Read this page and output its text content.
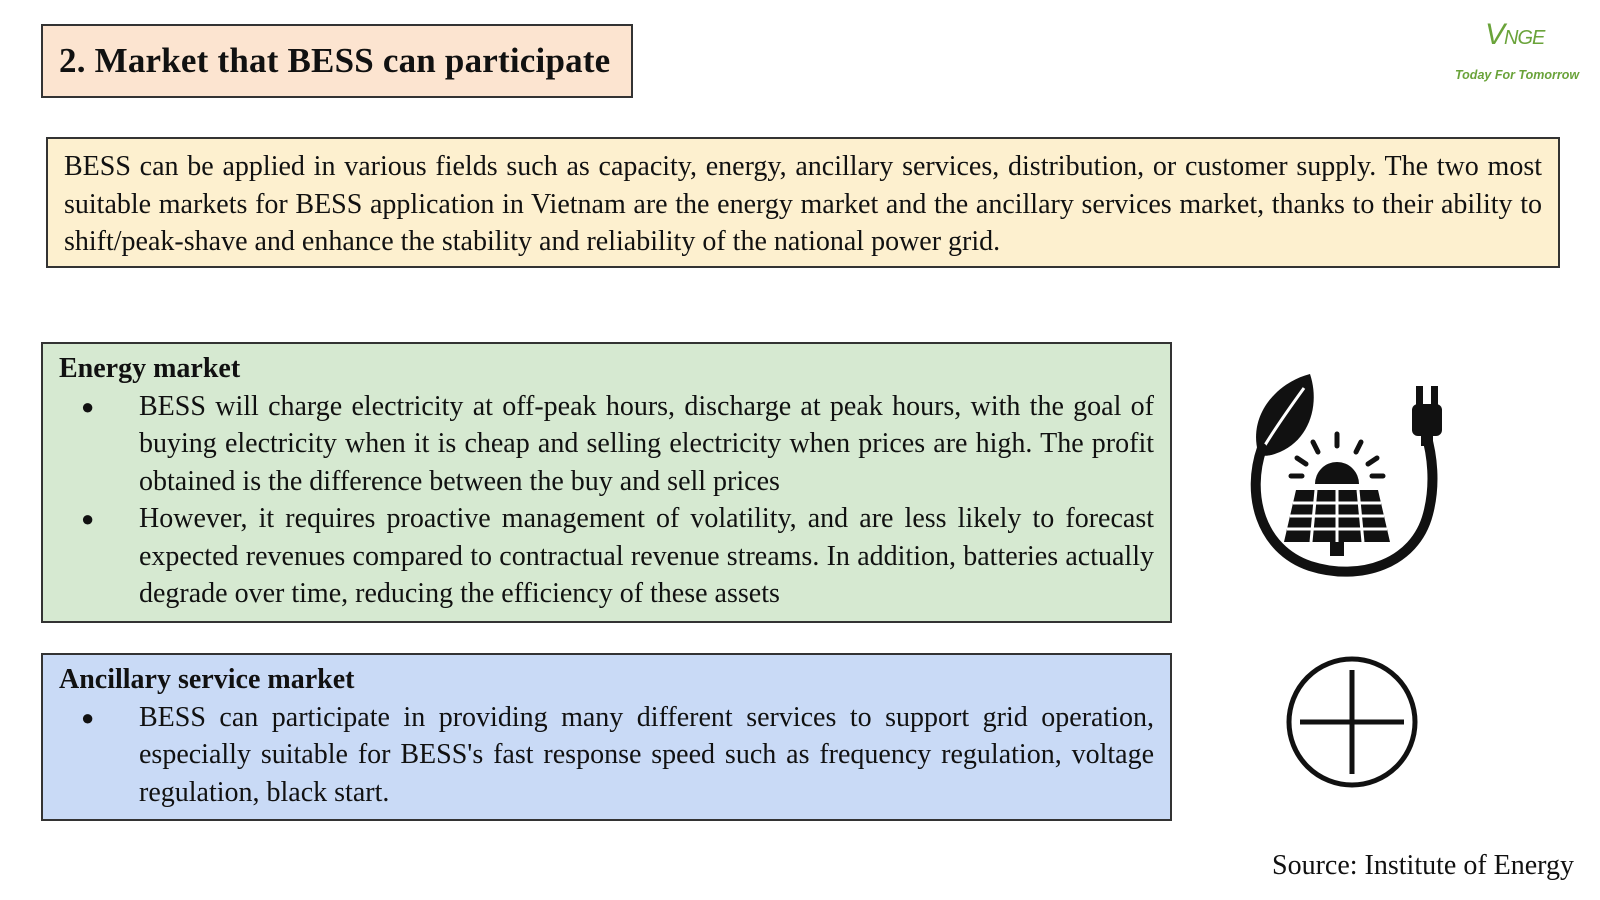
2. Market that BESS can participate
VNGE
Today For Tomorrow
BESS can be applied in various fields such as capacity, energy, ancillary services, distribution, or customer supply. The two most suitable markets for BESS application in Vietnam are the energy market and the ancillary services market, thanks to their ability to shift/peak-shave and enhance the stability and reliability of the national power grid.
Energy market
● BESS will charge electricity at off-peak hours, discharge at peak hours, with the goal of buying electricity when it is cheap and selling electricity when prices are high. The profit obtained is the difference between the buy and sell prices
● However, it requires proactive management of volatility, and are less likely to forecast expected revenues compared to contractual revenue streams. In addition, batteries actually degrade over time, reducing the efficiency of these assets
Ancillary service market
● BESS can participate in providing many different services to support grid operation, especially suitable for BESS's fast response speed such as frequency regulation, voltage regulation, black start.
Source: Institute of Energy
